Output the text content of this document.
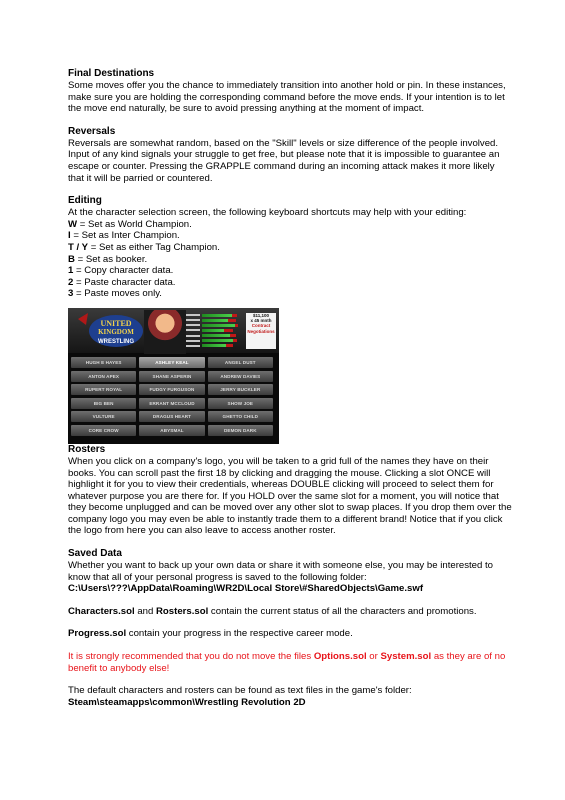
Final Destinations

Some moves offer you the chance to immediately transition into another hold or pin. In these instances, make sure you are holding the corresponding command before the move ends. If your intention is to let the move end naturally, be sure to avoid pressing anything at the moment of impact.

Reversals

Reversals are somewhat random, based on the "Skill" levels or size difference of the people involved. Input of any kind signals your struggle to get free, but please note that it is impossible to guarantee an escape or counter. Pressing the GRAPPLE command during an incoming attack makes it more likely that it will be parried or countered.

Editing

At the character selection screen, the following keyboard shortcuts may help with your editing:

W = Set as World Champion.
I = Set as Inter Champion.
T / Y = Set as either Tag Champion.
B = Set as booker.
1 = Copy character data.
2 = Paste character data.
3 = Paste moves only.
UNITED
KINGDOM
WRESTLING
$11,100
x 45 mnth
Contract Negotiations
HUGH E HAYES	ASHLEY KEAL	ANGEL DUST
ANTON APEX	SHANE ASPERIN	ANDREW DAVIES
RUPERT ROYAL	FUDGY FURGUSON	JERRY BUCKLER
BIG BEN	ERRANT MCCLOUD	SHOW JOE
VULTURE	DRAGUS HEART	GHETTO CHILD
CORE CROW	ABYSMAL	DEMON DARK
Rosters

When you click on a company's logo, you will be taken to a grid full of the names they have on their books. You can scroll past the first 18 by clicking and dragging the mouse. Clicking a slot ONCE will highlight it for you to view their credentials, whereas DOUBLE clicking will proceed to select them for whatever purpose you are there for. If you HOLD over the same slot for a moment, you will notice that they become unplugged and can be moved over any other slot to swap places. If you drop them over the company logo you may even be able to instantly trade them to a different brand! Notice that if you click the logo from here you can also leave to access another roster.

Saved Data

Whether you want to back up your own data or share it with someone else, you may be interested to know that all of your personal progress is saved to the following folder:

C:\Users\???\AppData\Roaming\WR2D\Local Store\#SharedObjects\Game.swf

Characters.sol and Rosters.sol contain the current status of all the characters and promotions.

Progress.sol contain your progress in the respective career mode.

It is strongly recommended that you do not move the files Options.sol or System.sol as they are of no benefit to anybody else!

The default characters and rosters can be found as text files in the game's folder:

Steam\steamapps\common\Wrestling Revolution 2D
